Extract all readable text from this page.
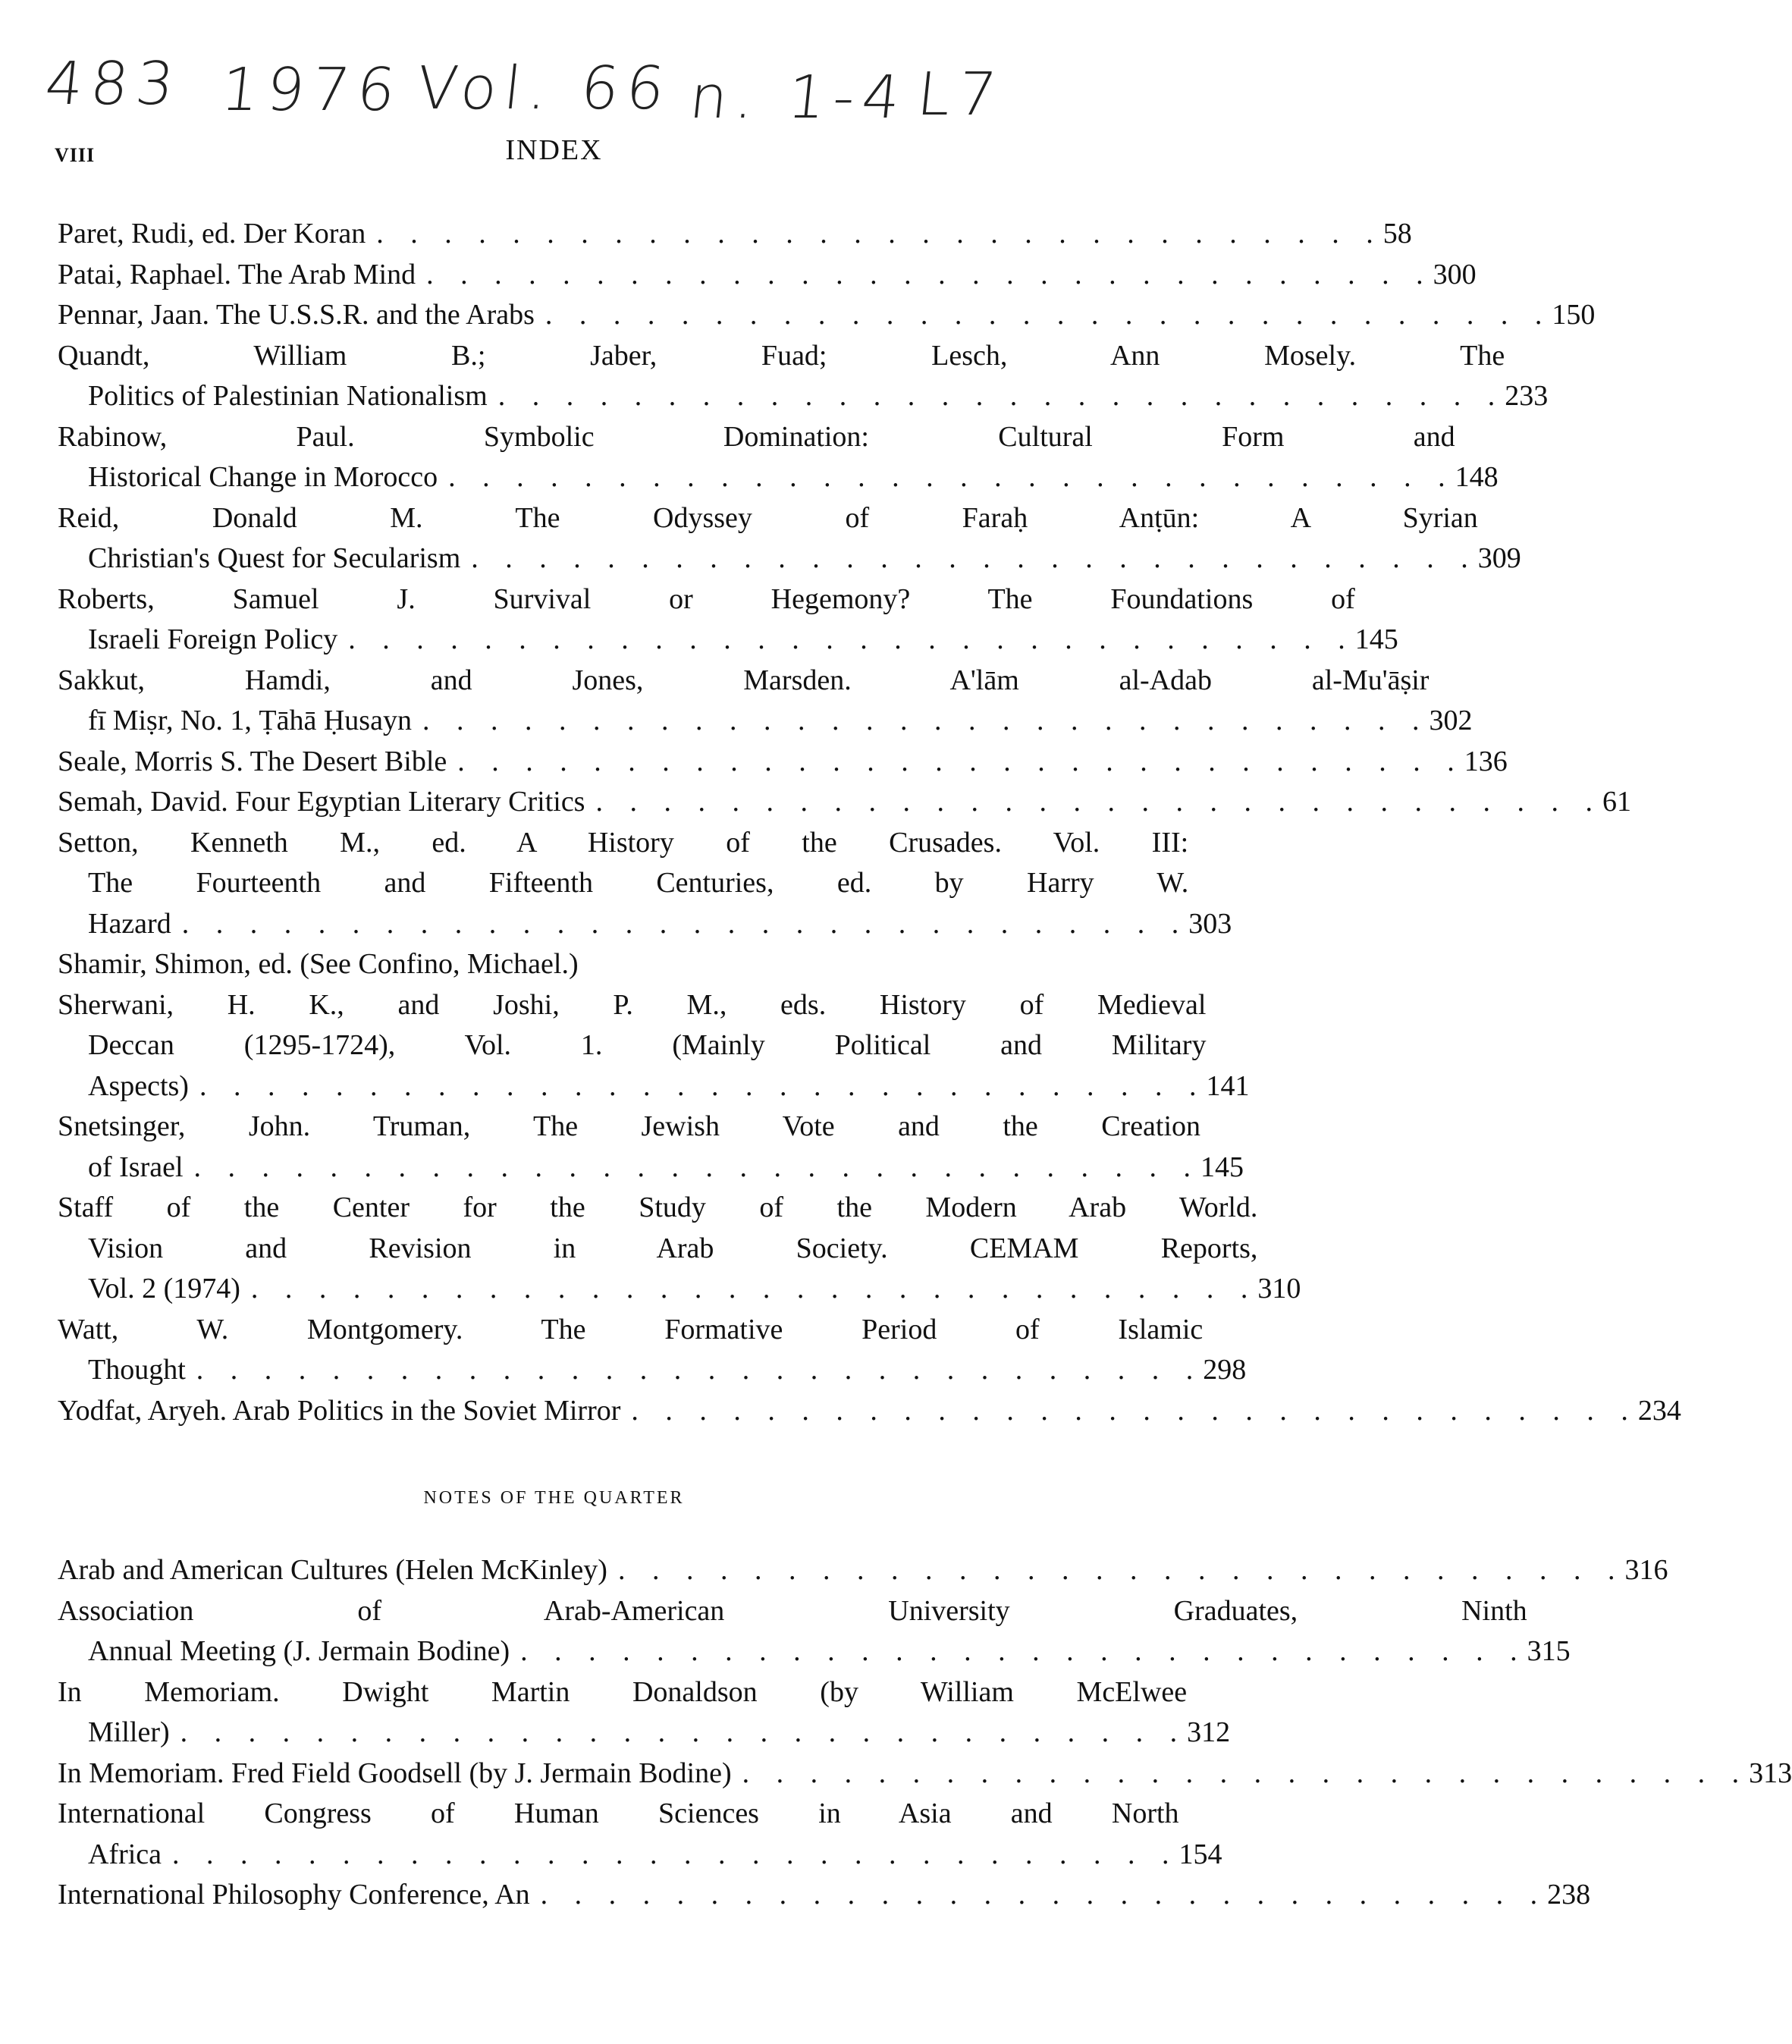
483 1976 Vol. 66 n. 1-4 L7
VIII	INDEX
Paret, Rudi, ed. Der Koran . . . . . . . . . . . . . . . . . . . . . . . . . . . . . . 58
Patai, Raphael. The Arab Mind . . . . . . . . . . . . . . . . . . . . . . . . . . . . . . 300
Pennar, Jaan. The U.S.S.R. and the Arabs . . . . . . . . . . . . . . . . . . . . . . . . . . . . . . 150
Quandt, William B.; Jaber, Fuad; Lesch, Ann Mosely. The
Politics of Palestinian Nationalism . . . . . . . . . . . . . . . . . . . . . . . . . . . . . . 233
Rabinow, Paul. Symbolic Domination: Cultural Form and
Historical Change in Morocco . . . . . . . . . . . . . . . . . . . . . . . . . . . . . . 148
Reid, Donald M. The Odyssey of Faraḥ Anṭūn: A Syrian
Christian's Quest for Secularism . . . . . . . . . . . . . . . . . . . . . . . . . . . . . . 309
Roberts, Samuel J. Survival or Hegemony? The Foundations of
Israeli Foreign Policy . . . . . . . . . . . . . . . . . . . . . . . . . . . . . . 145
Sakkut, Hamdi, and Jones, Marsden. A'lām al-Adab al-Mu'āṣir
fī Miṣr, No. 1, Ṭāhā Ḥusayn . . . . . . . . . . . . . . . . . . . . . . . . . . . . . . 302
Seale, Morris S. The Desert Bible . . . . . . . . . . . . . . . . . . . . . . . . . . . . . . 136
Semah, David. Four Egyptian Literary Critics . . . . . . . . . . . . . . . . . . . . . . . . . . . . . . 61
Setton, Kenneth M., ed. A History of the Crusades. Vol. III:
The Fourteenth and Fifteenth Centuries, ed. by Harry W.
Hazard . . . . . . . . . . . . . . . . . . . . . . . . . . . . . . 303
Shamir, Shimon, ed. (See Confino, Michael.)
Sherwani, H. K., and Joshi, P. M., eds. History of Medieval
Deccan (1295-1724), Vol. 1. (Mainly Political and Military
Aspects) . . . . . . . . . . . . . . . . . . . . . . . . . . . . . . 141
Snetsinger, John. Truman, The Jewish Vote and the Creation
of Israel . . . . . . . . . . . . . . . . . . . . . . . . . . . . . . 145
Staff of the Center for the Study of the Modern Arab World.
Vision and Revision in Arab Society. CEMAM Reports,
Vol. 2 (1974) . . . . . . . . . . . . . . . . . . . . . . . . . . . . . . 310
Watt, W. Montgomery. The Formative Period of Islamic
Thought . . . . . . . . . . . . . . . . . . . . . . . . . . . . . . 298
Yodfat, Aryeh. Arab Politics in the Soviet Mirror . . . . . . . . . . . . . . . . . . . . . . . . . . . . . . 234
NOTES OF THE QUARTER
Arab and American Cultures (Helen McKinley) . . . . . . . . . . . . . . . . . . . . . . . . . . . . . . 316
Association of Arab-American University Graduates, Ninth
Annual Meeting (J. Jermain Bodine) . . . . . . . . . . . . . . . . . . . . . . . . . . . . . . 315
In Memoriam. Dwight Martin Donaldson (by William McElwee
Miller) . . . . . . . . . . . . . . . . . . . . . . . . . . . . . . 312
In Memoriam. Fred Field Goodsell (by J. Jermain Bodine) . . . . . . . . . . . . . . . . . . . . . . . . . . . . . . 313
International Congress of Human Sciences in Asia and North
Africa . . . . . . . . . . . . . . . . . . . . . . . . . . . . . . 154
International Philosophy Conference, An . . . . . . . . . . . . . . . . . . . . . . . . . . . . . . 238
